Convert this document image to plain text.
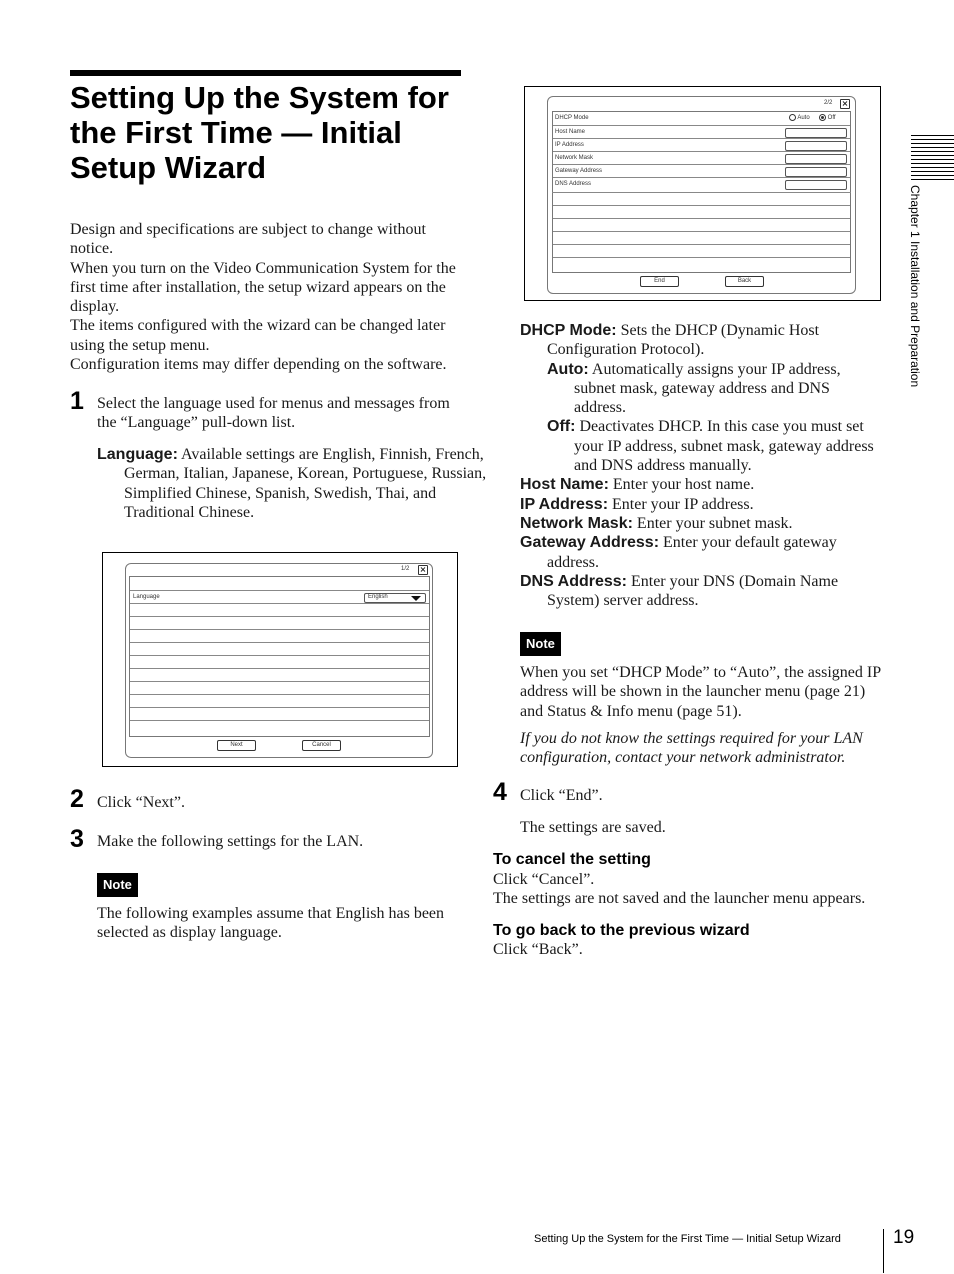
Setting Up the System for
the First Time — Initial
Setup Wizard

Design and specifications are subject to change without notice.

When you turn on the Video Communication System for the first time after installation, the setup wizard appears on the display.

The items configured with the wizard can be changed later using the setup menu.

Configuration items may differ depending on the software.

1 Select the language used for menus and messages from the “Language” pull-down list.

Language: Available settings are English, Finnish, French, German, Italian, Japanese, Korean, Portuguese, Russian, Simplified Chinese, Spanish, Swedish, Thai, and Traditional Chinese.

1/2 ×
Language	English
Next	Cancel
2 Click “Next”.

3 Make the following settings for the LAN.

Note

The following examples assume that English has been selected as display language.

2/2 ×
DHCP Mode	Auto	Off
Host Name
IP Address
Network Mask
Gateway Address
DNS Address
End	Back

DHCP Mode: Sets the DHCP (Dynamic Host Configuration Protocol).

Auto: Automatically assigns your IP address, subnet mask, gateway address and DNS address.

Off: Deactivates DHCP. In this case you must set your IP address, subnet mask, gateway address and DNS address manually.

Host Name: Enter your host name.

IP Address: Enter your IP address.

Network Mask: Enter your subnet mask.

Gateway Address: Enter your default gateway address.

DNS Address: Enter your DNS (Domain Name System) server address.

Note

When you set “DHCP Mode” to “Auto”, the assigned IP address will be shown in the launcher menu (page 21) and Status & Info menu (page 51).

If you do not know the settings required for your LAN configuration, contact your network administrator.

4 Click “End”.

The settings are saved.

To cancel the setting

Click “Cancel”.

The settings are not saved and the launcher menu appears.

To go back to the previous wizard

Click “Back”.

Chapter 1 Installation and Preparation
Setting Up the System for the First Time — Initial Setup Wizard	19
